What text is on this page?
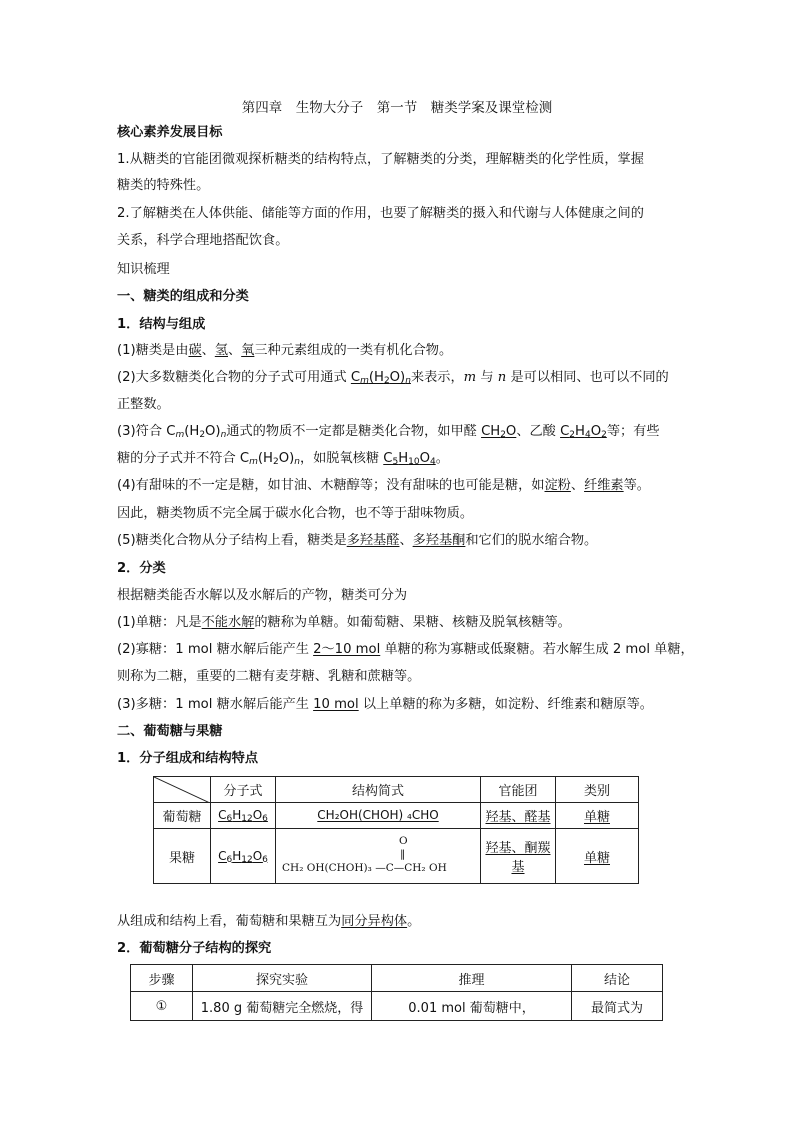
第四章　生物大分子　第一节　糖类学案及课堂检测
核心素养发展目标
1.从糖类的官能团微观探析糖类的结构特点，了解糖类的分类，理解糖类的化学性质，掌握
糖类的特殊性。
2.了解糖类在人体供能、储能等方面的作用，也要了解糖类的摄入和代谢与人体健康之间的
关系，科学合理地搭配饮食。
知识梳理
一、糖类的组成和分类
1．结构与组成
(1)糖类是由碳、氢、氧三种元素组成的一类有机化合物。
(2)大多数糖类化合物的分子式可用通式 $C_m(H_2O)_n$来表示，m 与 n 是可以相同、也可以不同的
正整数。
(3)符合 $C_m(H_2O)_n$通式的物质不一定都是糖类化合物，如甲醛 $CH_2O$、乙酸 $C_2H_4O_2$等；有些
糖的分子式并不符合 $C_m(H_2O)_n$，如脱氧核糖 $C_5H_{10}O_4$。
(4)有甜味的不一定是糖，如甘油、木糖醇等；没有甜味的也可能是糖，如淀粉、纤维素等。
因此，糖类物质不完全属于碳水化合物，也不等于甜味物质。
(5)糖类化合物从分子结构上看，糖类是多羟基醛、多羟基酮和它们的脱水缩合物。
2．分类
根据糖类能否水解以及水解后的产物，糖类可分为
(1)单糖：凡是不能水解的糖称为单糖。如葡萄糖、果糖、核糖及脱氧核糖等。
(2)寡糖：1 mol 糖水解后能产生 2～10 mol 单糖的称为寡糖或低聚糖。若水解生成 2 mol 单糖，
则称为二糖，重要的二糖有麦芽糖、乳糖和蔗糖等。
(3)多糖：1 mol 糖水解后能产生 10 mol 以上单糖的称为多糖，如淀粉、纤维素和糖原等。
二、葡萄糖与果糖
1．分子组成和结构特点
	分子式	结构简式	官能团	类别
葡萄糖	$C_6H_{12}O_6$	CH₂OH(CHOH) ₄CHO	羟基、醛基	单糖
果糖	$C_6H_{12}O_6$	O
‖
CH₂ OH(CHOH)₃ —C—CH₂ OH	羟基、酮羰基	单糖
从组成和结构上看，葡萄糖和果糖互为同分异构体。
2．葡萄糖分子结构的探究
步骤	探究实验	推理	结论
①	1.80 g 葡萄糖完全燃烧，得	0.01 mol 葡萄糖中，	最简式为
